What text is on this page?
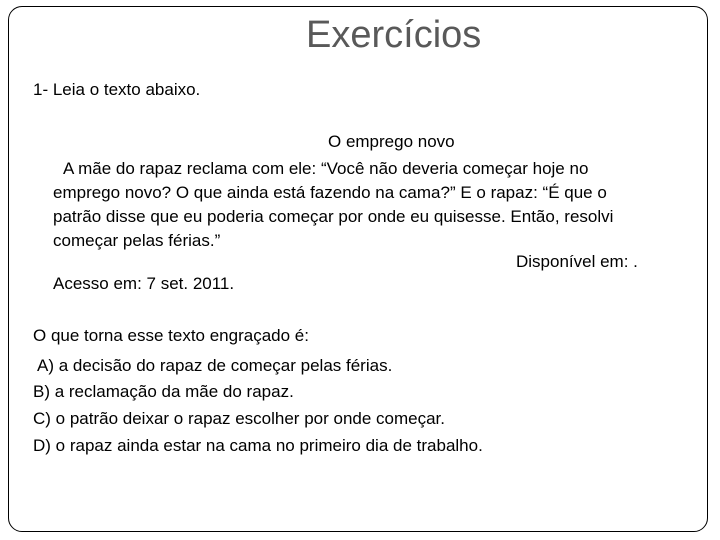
Exercícios
1- Leia o texto abaixo.
O emprego novo
A mãe do rapaz reclama com ele: “Você não deveria começar hoje no
emprego novo? O que ainda está fazendo na cama?” E o rapaz: “É que o
patrão disse que eu poderia começar por onde eu quisesse. Então, resolvi
começar pelas férias.”
Disponível em: .
Acesso em: 7 set. 2011.
O que torna esse texto engraçado é:
A) a decisão do rapaz de começar pelas férias.
B) a reclamação da mãe do rapaz.
C) o patrão deixar o rapaz escolher por onde começar.
D) o rapaz ainda estar na cama no primeiro dia de trabalho.
